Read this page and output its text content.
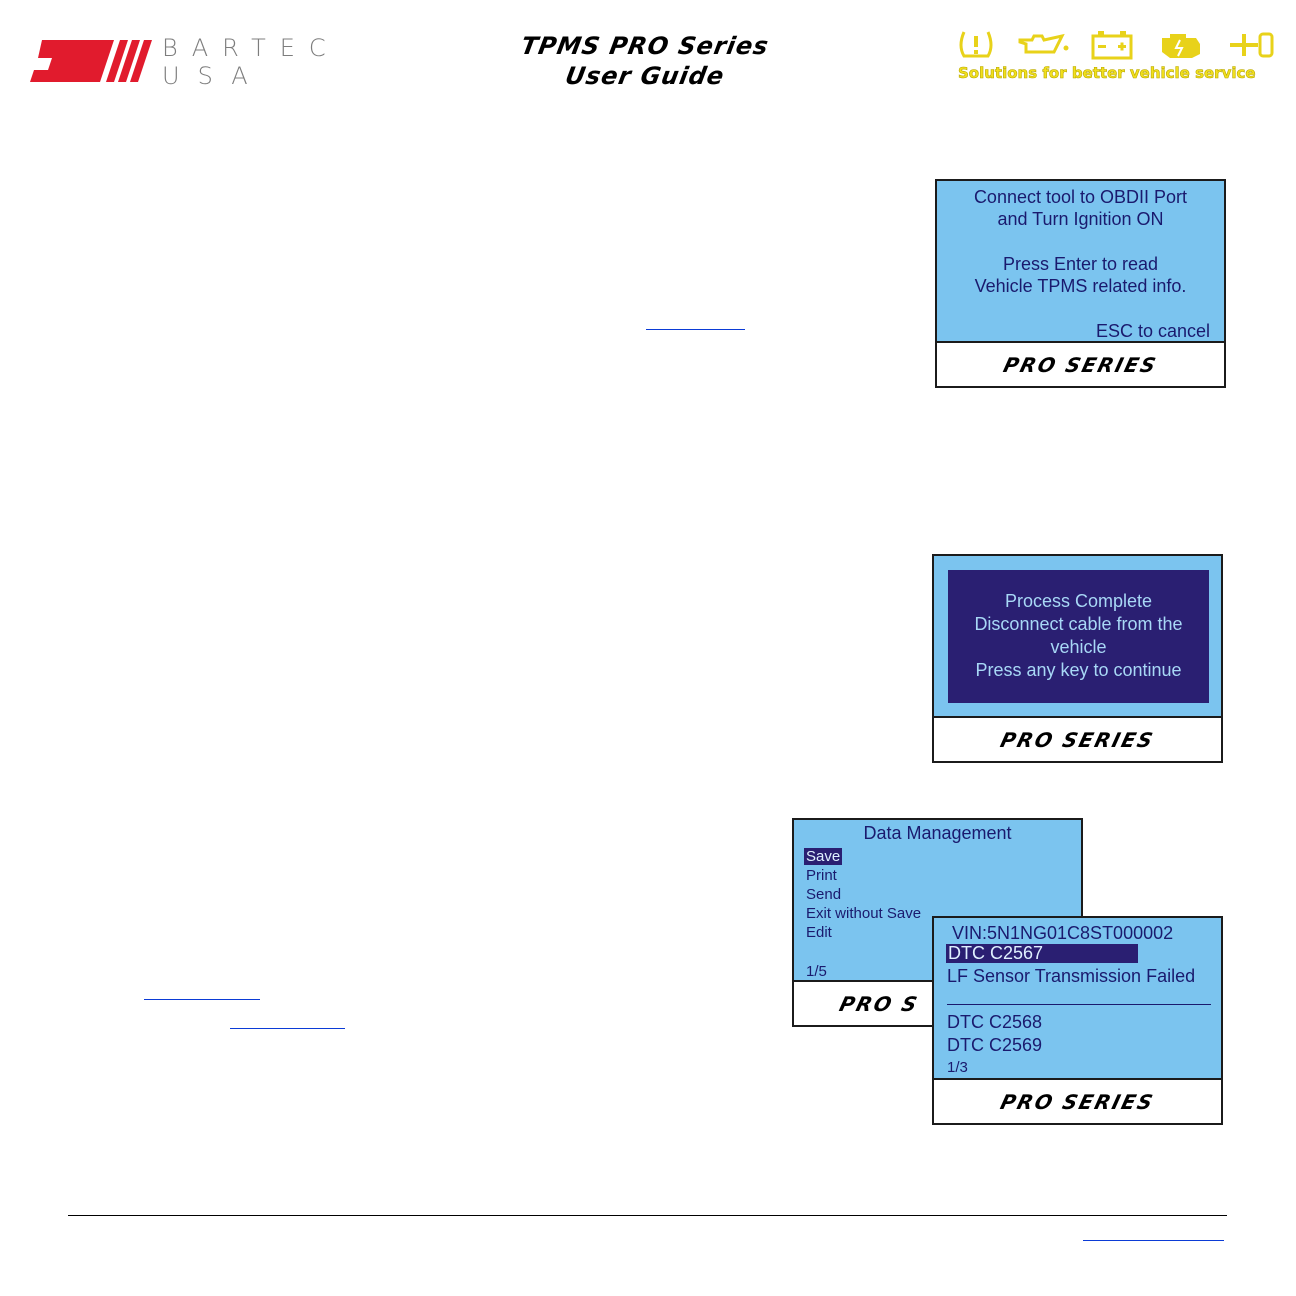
BARTEC
USA
TPMS PRO Series
User Guide	Solutions for better vehicle service
Connect tool to OBDII Port
and Turn Ignition ON
Press Enter to read
Vehicle TPMS related info.
ESC to cancel
PRO SERIES
Process Complete
Disconnect cable from the
vehicle
Press any key to continue
PRO SERIES
Data Management
Save
Print
Send
Exit without Save
Edit
1/5
PRO S
VIN:5N1NG01C8ST000002
DTC C2567
LF Sensor Transmission Failed
DTC C2568
DTC C2569
1/3
PRO SERIES
